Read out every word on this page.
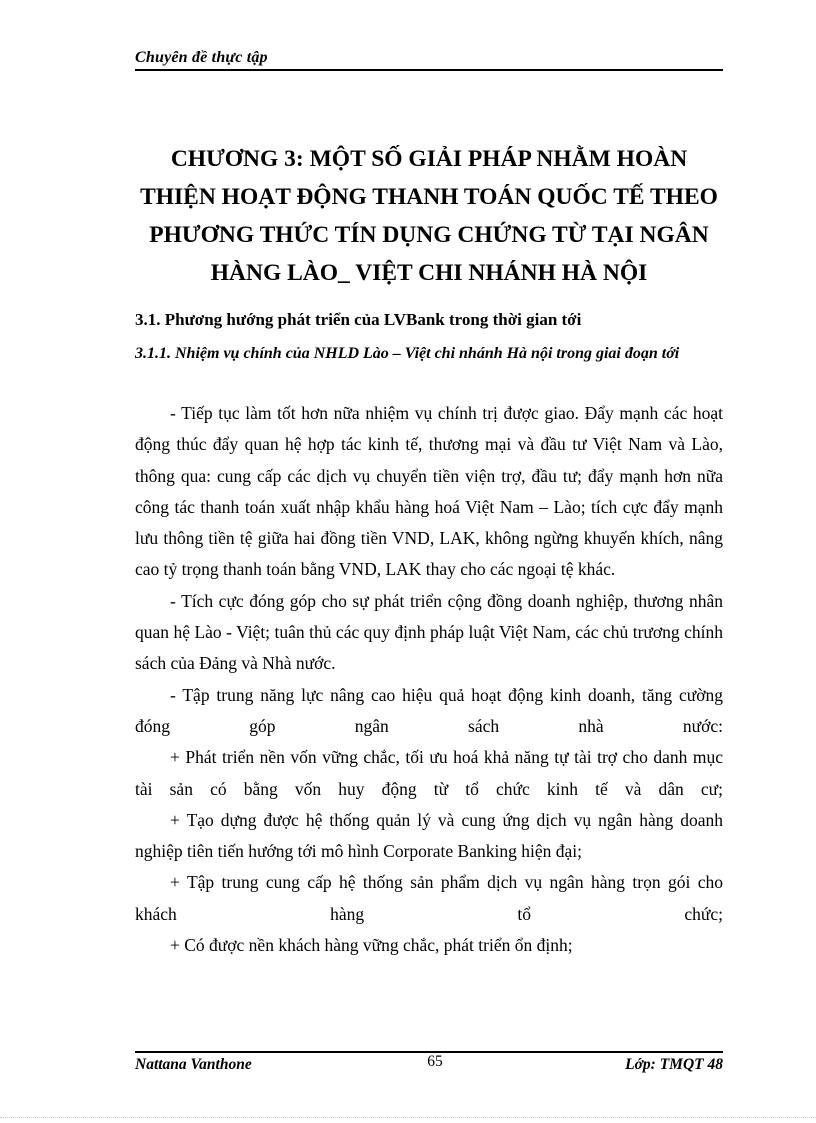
Chuyên đề thực tập
CHƯƠNG 3: MỘT SỐ GIẢI PHÁP NHẰM HOÀN THIỆN HOẠT ĐỘNG THANH TOÁN QUỐC TẾ THEO PHƯƠNG THỨC TÍN DỤNG CHỨNG TỪ TẠI NGÂN HÀNG LÀO_ VIỆT CHI NHÁNH HÀ NỘI
3.1. Phương hướng phát triển của LVBank trong thời gian tới
3.1.1. Nhiệm vụ chính của NHLD Lào – Việt chi nhánh Hà nội trong giai đoạn tới

- Tiếp tục làm tốt hơn nữa nhiệm vụ chính trị được giao. Đẩy mạnh các hoạt động thúc đẩy quan hệ hợp tác kinh tế, thương mại và đầu tư Việt Nam và Lào, thông qua: cung cấp các dịch vụ chuyển tiền viện trợ, đầu tư; đẩy mạnh hơn nữa công tác thanh toán xuất nhập khẩu hàng hoá Việt Nam – Lào; tích cực đẩy mạnh lưu thông tiền tệ giữa hai đồng tiền VND, LAK, không ngừng khuyến khích, nâng cao tỷ trọng thanh toán bằng VND, LAK thay cho các ngoại tệ khác.

- Tích cực đóng góp cho sự phát triển cộng đồng doanh nghiệp, thương nhân quan hệ Lào - Việt; tuân thủ các quy định pháp luật Việt Nam, các chủ trương chính sách của Đảng và Nhà nước.

- Tập trung năng lực nâng cao hiệu quả hoạt động kinh doanh, tăng cường đóng góp ngân sách nhà nước:

+ Phát triển nền vốn vững chắc, tối ưu hoá khả năng tự tài trợ cho danh mục tài sản có bằng vốn huy động từ tổ chức kinh tế và dân cư;

+ Tạo dựng được hệ thống quản lý và cung ứng dịch vụ ngân hàng doanh nghiệp tiên tiến hướng tới mô hình Corporate Banking hiện đại;

+ Tập trung cung cấp hệ thống sản phẩm dịch vụ ngân hàng trọn gói cho khách hàng tổ chức;

+ Có được nền khách hàng vững chắc, phát triển ổn định;

Nattana Vanthone	65	Lớp: TMQT 48
